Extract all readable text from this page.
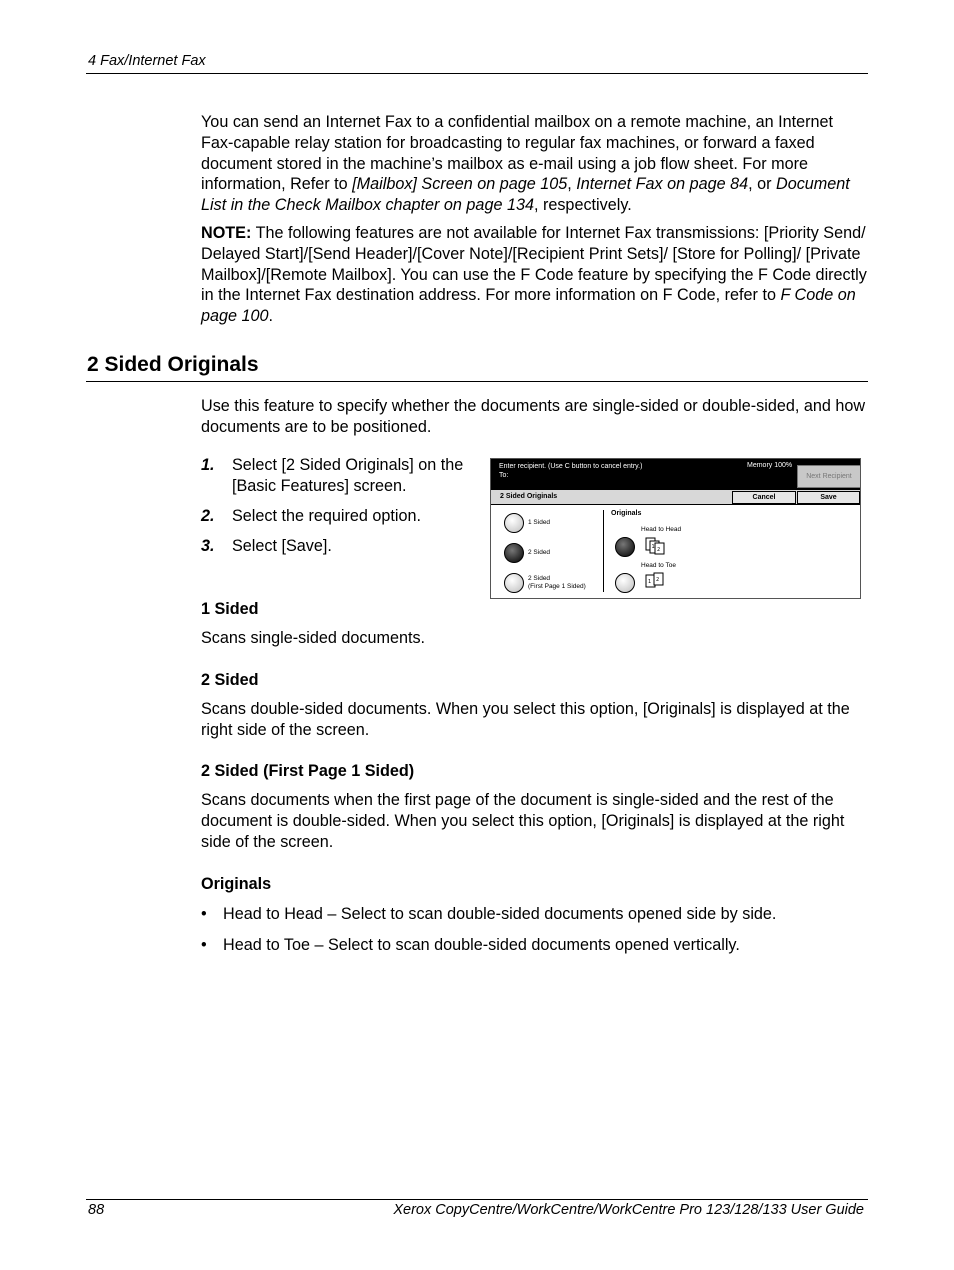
4 Fax/Internet Fax
You can send an Internet Fax to a confidential mailbox on a remote machine, an Internet Fax-capable relay station for broadcasting to regular fax machines, or forward a faxed document stored in the machine’s mailbox as e-mail using a job flow sheet. For more information, Refer to [Mailbox] Screen on page 105, Internet Fax on page 84, or Document List in the Check Mailbox chapter on page 134, respectively.
NOTE: The following features are not available for Internet Fax transmissions: [Priority Send/ Delayed Start]/[Send Header]/[Cover Note]/[Recipient Print Sets]/ [Store for Polling]/ [Private Mailbox]/[Remote Mailbox]. You can use the F Code feature by specifying the F Code directly in the Internet Fax destination address. For more information on F Code, refer to F Code on page 100.
2 Sided Originals
Use this feature to specify whether the documents are single-sided or double-sided, and how documents are to be positioned.
1. Select [2 Sided Originals] on the [Basic Features] screen.
2. Select the required option.
3. Select [Save].
Enter recipient. (Use C button to cancel entry.)
To:
Memory 100%
Next Recipient
2 Sided Originals	Cancel	Save
1 Sided
2 Sided
2 Sided
(First Page 1 Sided)
Originals
Head to Head
1 2
Head to Toe
1 2
1 Sided
Scans single-sided documents.
2 Sided
Scans double-sided documents. When you select this option, [Originals] is displayed at the right side of the screen.
2 Sided (First Page 1 Sided)
Scans documents when the first page of the document is single-sided and the rest of the document is double-sided. When you select this option, [Originals] is displayed at the right side of the screen.
Originals
• Head to Head – Select to scan double-sided documents opened side by side.
• Head to Toe – Select to scan double-sided documents opened vertically.
88	Xerox CopyCentre/WorkCentre/WorkCentre Pro 123/128/133 User Guide
